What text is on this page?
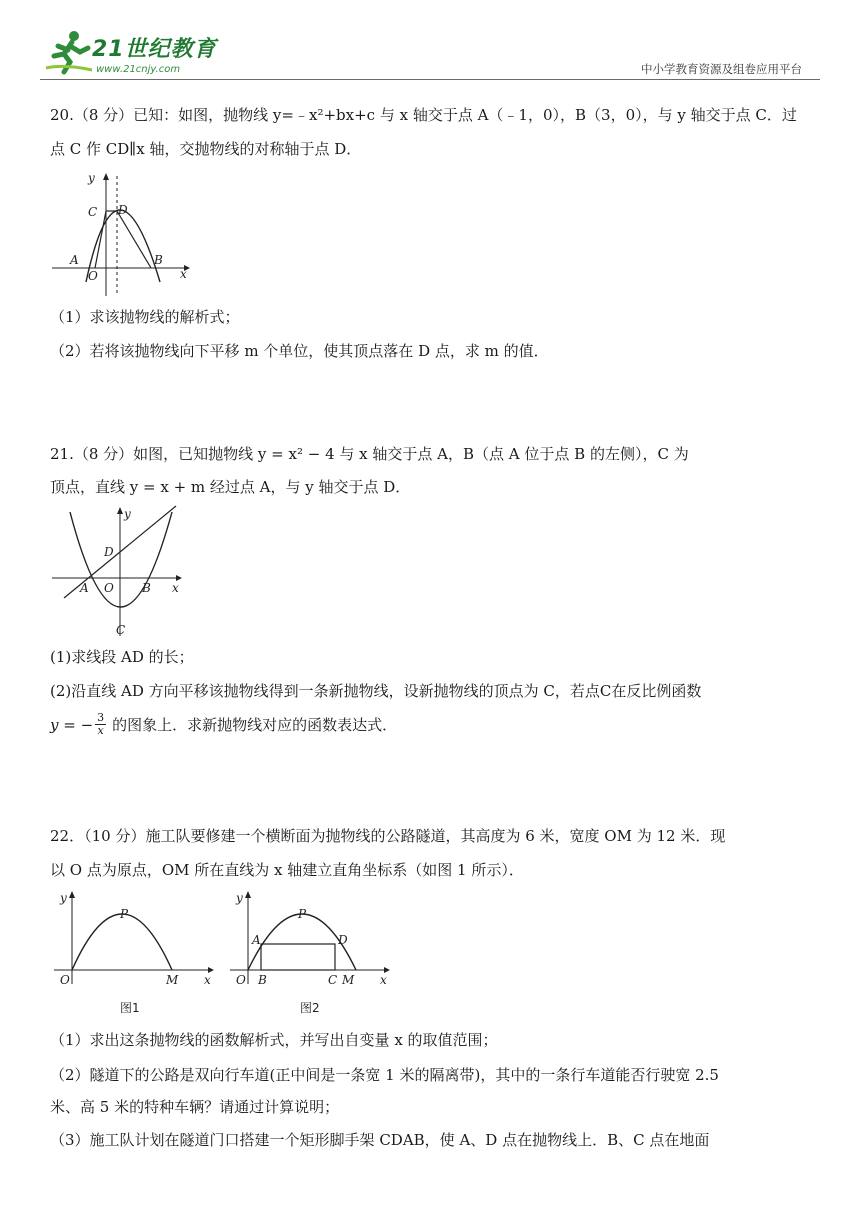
21世纪教育
www.21cnjy.com	中小学教育资源及组卷应用平台
20.（8 分）已知：如图，抛物线 y=﹣x²+bx+c 与 x 轴交于点 A（﹣1，0），B（3，0），与 y 轴交于点 C．过
点 C 作 CD∥x 轴，交抛物线的对称轴于点 D．
y
x
C D
A
O
B
（1）求该抛物线的解析式；
（2）若将该抛物线向下平移 m 个单位，使其顶点落在 D 点，求 m 的值．
21.（8 分）如图，已知抛物线 y = x² − 4 与 x 轴交于点 A，B（点 A 位于点 B 的左侧），C 为
顶点，直线 y = x + m 经过点 A，与 y 轴交于点 D．
y
x
D
A O B
C
(1)求线段 AD 的长；
(2)沿直线 AD 方向平移该抛物线得到一条新抛物线，设新抛物线的顶点为 C，若点C在反比例函数
y = − $\frac{3}{x}$ 的图象上．求新抛物线对应的函数表达式．
22．（10 分）施工队要修建一个横断面为抛物线的公路隧道，其高度为 6 米，宽度 OM 为 12 米．现
以 O 点为原点，OM 所在直线为 x 轴建立直角坐标系（如图 1 所示）．
y
P
O	M x
图1
y
P
A	D
O B	C M x
图2
（1）求出这条抛物线的函数解析式，并写出自变量 x 的取值范围；
（2）隧道下的公路是双向行车道(正中间是一条宽 1 米的隔离带)，其中的一条行车道能否行驶宽 2.5
米、高 5 米的特种车辆？请通过计算说明；
（3）施工队计划在隧道门口搭建一个矩形脚手架 CDAB，使 A、D 点在抛物线上．B、C 点在地面
